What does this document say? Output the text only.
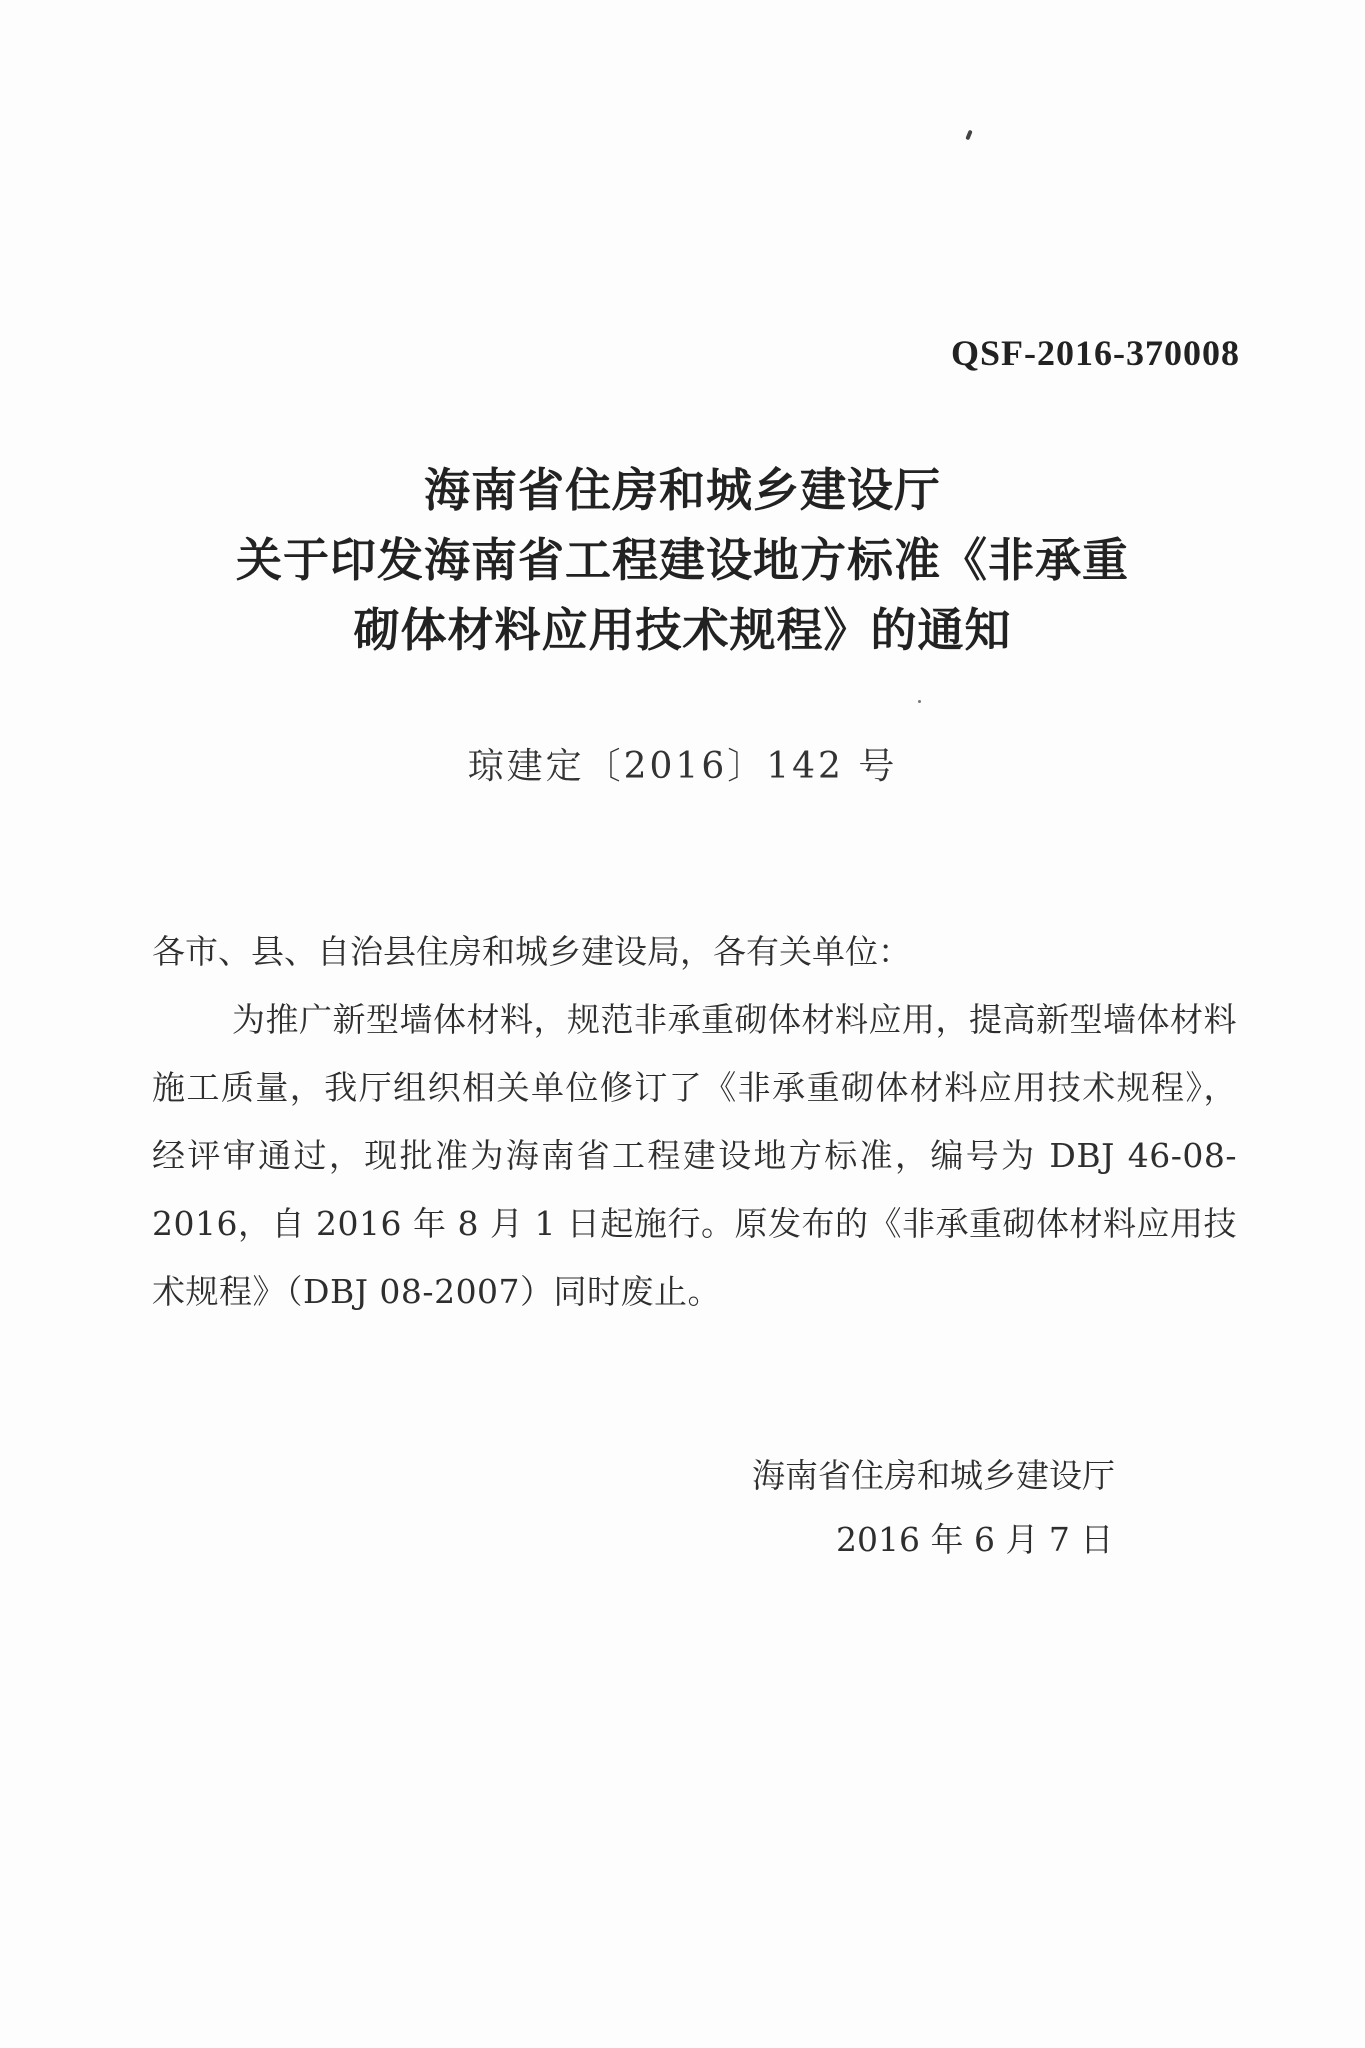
QSF-2016-370008
海南省住房和城乡建设厅
关于印发海南省工程建设地方标准《非承重
砌体材料应用技术规程》的通知
琼建定〔2016〕142 号
各市、县、自治县住房和城乡建设局，各有关单位：
为推广新型墙体材料，规范非承重砌体材料应用，提高新型墙体材料施工质量，我厅组织相关单位修订了《非承重砌体材料应用技术规程》，经评审通过，现批准为海南省工程建设地方标准，编号为 DBJ 46-08-2016，自 2016 年 8 月 1 日起施行。原发布的《非承重砌体材料应用技术规程》（DBJ 08-2007）同时废止。
海南省住房和城乡建设厅
2016 年 6 月 7 日
